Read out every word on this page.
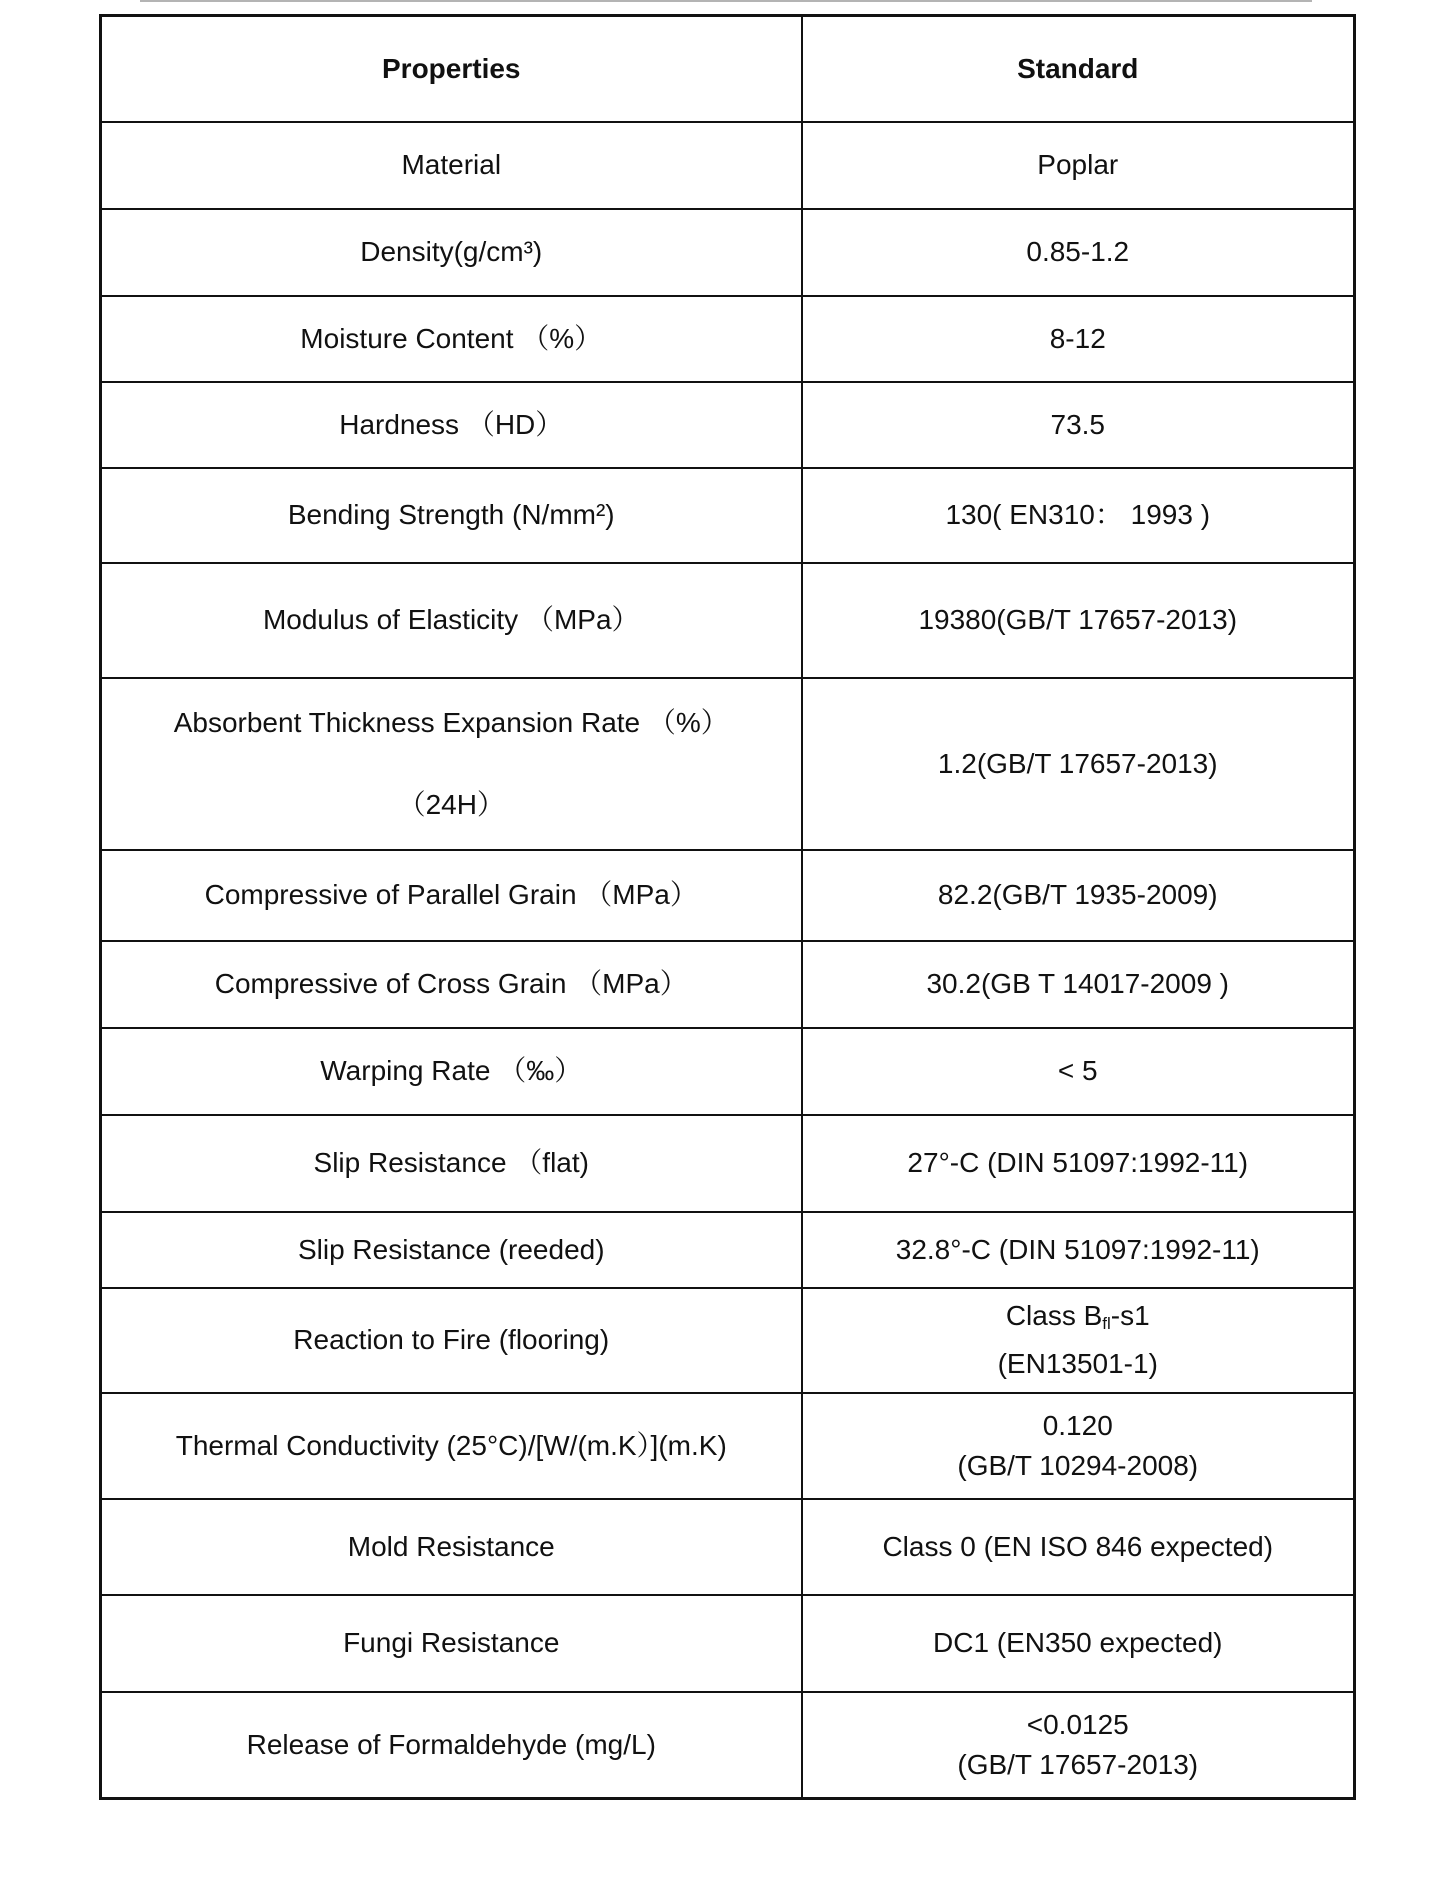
Properties	Standard
Material	Poplar
Density(g/cm³)	0.85-1.2
Moisture Content （%）	8-12
Hardness （HD）	73.5
Bending Strength (N/mm²)	130( EN310： 1993 )
Modulus of Elasticity （MPa）	19380(GB/T 17657-2013)

Absorbent Thickness Expansion Rate （%）
（24H）	1.2(GB/T 17657-2013)
Compressive of Parallel Grain （MPa）	82.2(GB/T 1935-2009)
Compressive of Cross Grain （MPa）	30.2(GB T 14017-2009 )
Warping Rate （‰）	< 5
Slip Resistance （flat)	27°-C (DIN 51097:1992-11)
Slip Resistance (reeded)	32.8°-C (DIN 51097:1992-11)
Reaction to Fire (flooring)	Class $B_{fl}-s1$
(EN13501-1)

Thermal Conductivity (25°C)/[W/(m.K）](m.K)	0.120
(GB/T 10294-2008)

Mold Resistance	Class 0 (EN ISO 846 expected)
Fungi Resistance	DC1 (EN350 expected)
Release of Formaldehyde (mg/L)	<0.0125
(GB/T 17657-2013)
